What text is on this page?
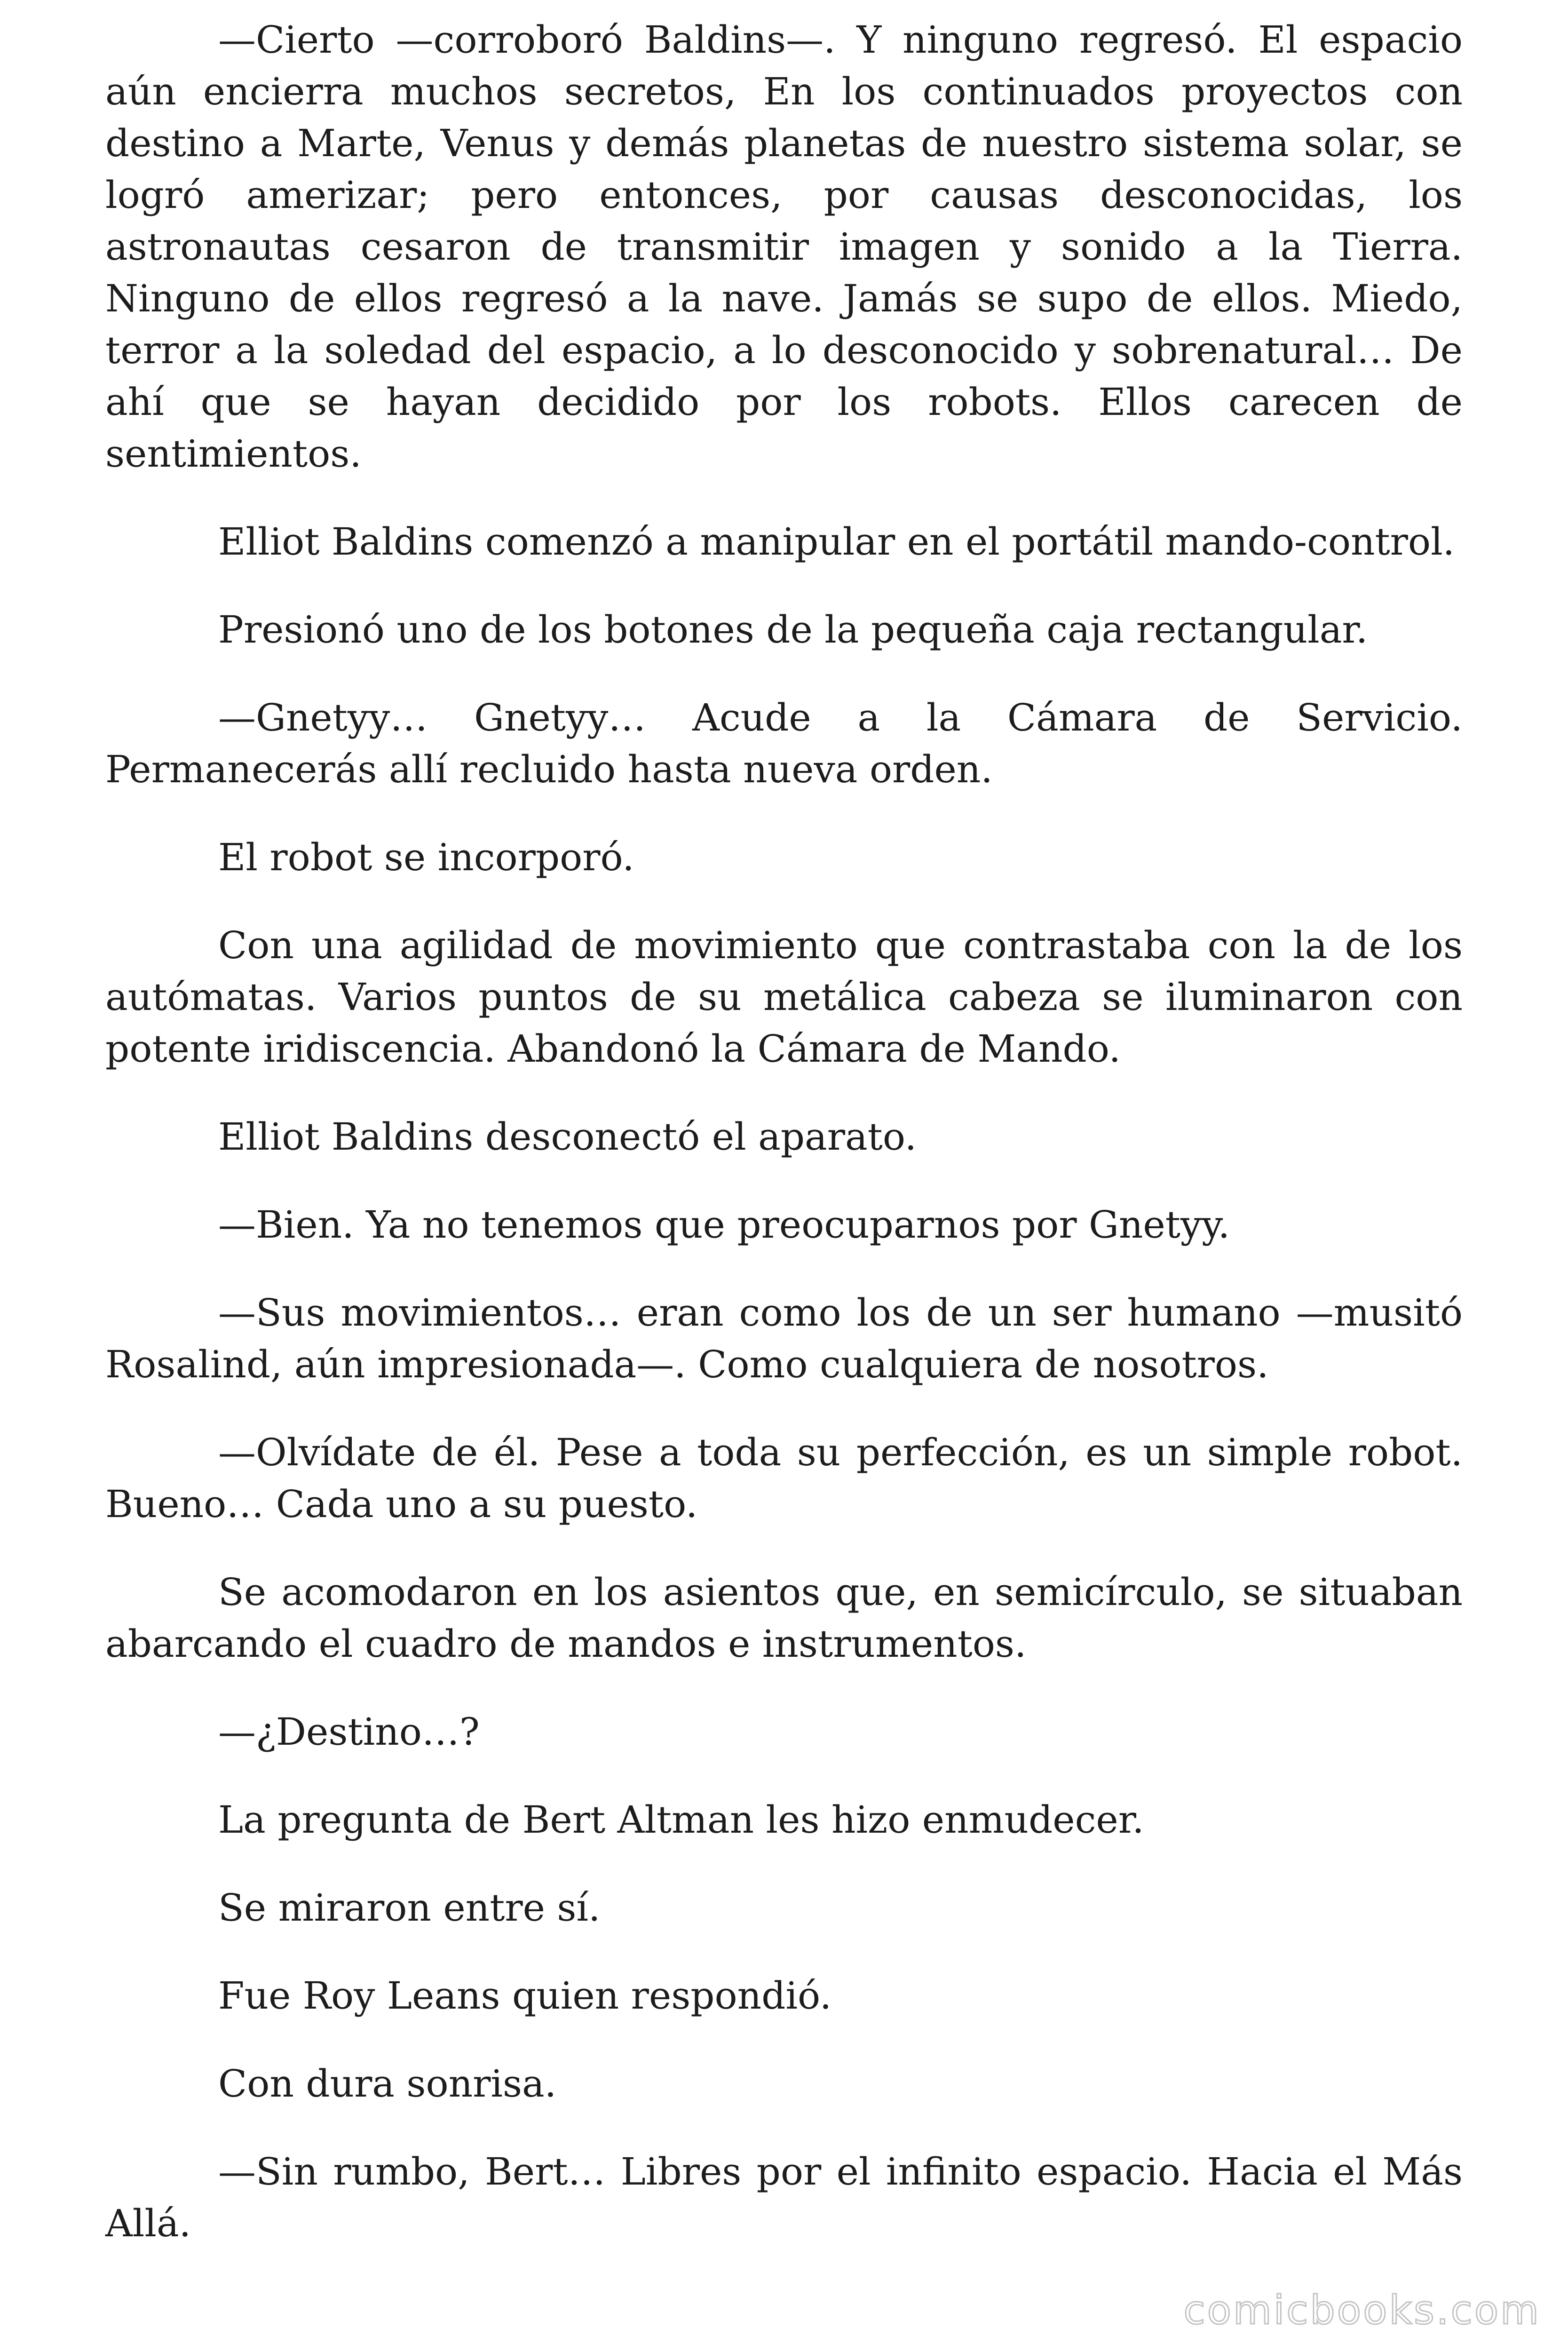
—Cierto —corroboró Baldins—. Y ninguno regresó. El espacio aún encierra muchos secretos, En los continuados proyectos con destino a Marte, Venus y demás planetas de nuestro sistema solar, se logró amerizar; pero entonces, por causas desconocidas, los astronautas cesaron de transmitir imagen y sonido a la Tierra. Ninguno de ellos regresó a la nave. Jamás se supo de ellos. Miedo, terror a la soledad del espacio, a lo desconocido y sobrenatural… De ahí que se hayan decidido por los robots. Ellos carecen de sentimientos.

Elliot Baldins comenzó a manipular en el portátil mando-control.

Presionó uno de los botones de la pequeña caja rectangular.

—Gnetyy… Gnetyy… Acude a la Cámara de Servicio. Permanecerás allí recluido hasta nueva orden.

El robot se incorporó.

Con una agilidad de movimiento que contrastaba con la de los autómatas. Varios puntos de su metálica cabeza se iluminaron con potente iridiscencia. Abandonó la Cámara de Mando.

Elliot Baldins desconectó el aparato.

—Bien. Ya no tenemos que preocuparnos por Gnetyy.

—Sus movimientos… eran como los de un ser humano —musitó Rosalind, aún impresionada—. Como cualquiera de nosotros.

—Olvídate de él. Pese a toda su perfección, es un simple robot. Bueno… Cada uno a su puesto.

Se acomodaron en los asientos que, en semicírculo, se situaban abarcando el cuadro de mandos e instrumentos.

—¿Destino…?

La pregunta de Bert Altman les hizo enmudecer.

Se miraron entre sí.

Fue Roy Leans quien respondió.

Con dura sonrisa.

—Sin rumbo, Bert… Libres por el infinito espacio. Hacia el Más Allá.

comicbooks.com
